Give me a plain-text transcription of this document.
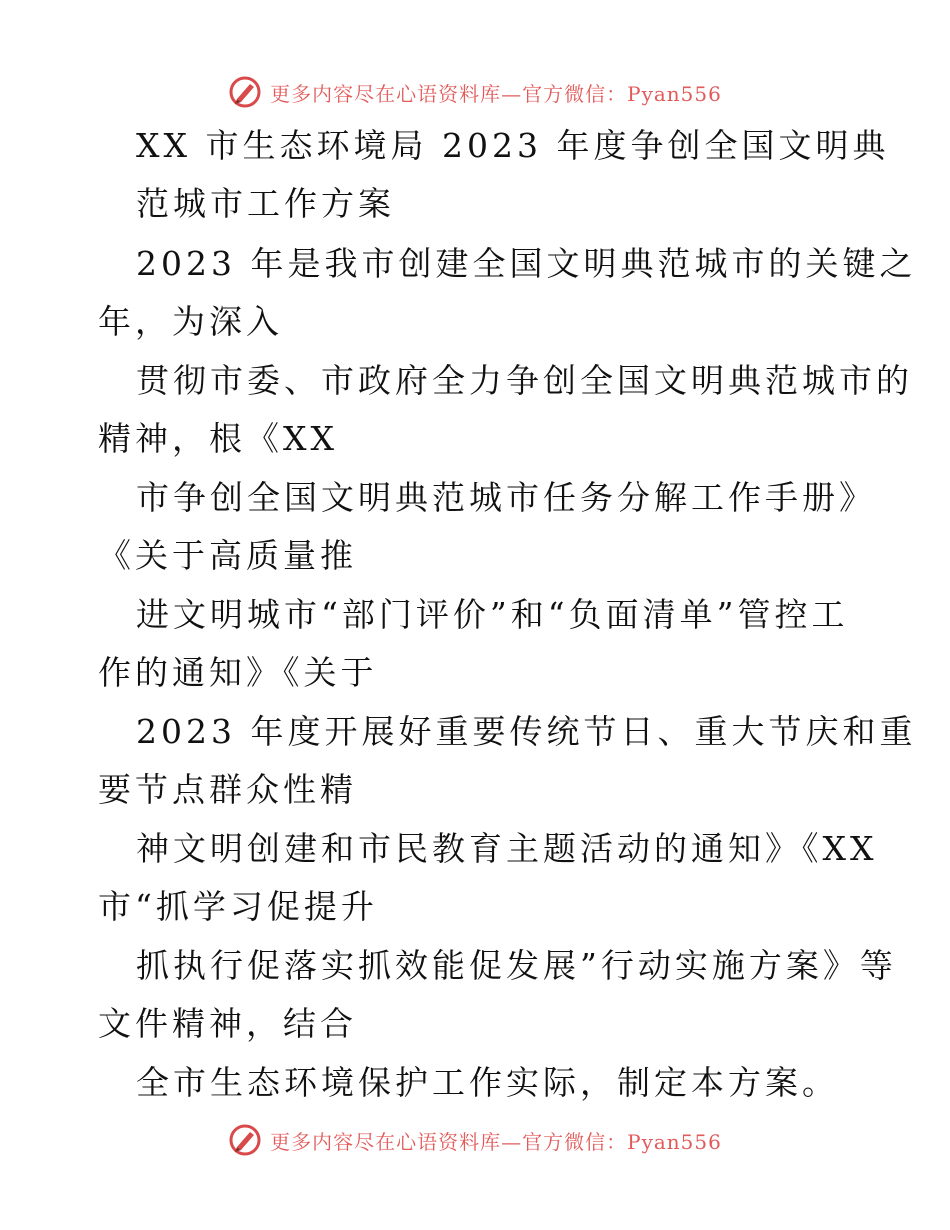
更多内容尽在心语资料库—官方微信：Pyan556
XX 市生态环境局 2023 年度争创全国文明典
范城市工作方案
2023 年是我市创建全国文明典范城市的关键之
年，为深入
贯彻市委、市政府全力争创全国文明典范城市的
精神，根《XX
市争创全国文明典范城市任务分解工作手册》
《关于高质量推
进文明城市“部门评价”和“负面清单”管控工
作的通知》《关于
2023 年度开展好重要传统节日、重大节庆和重
要节点群众性精
神文明创建和市民教育主题活动的通知》《XX
市“抓学习促提升
抓执行促落实抓效能促发展”行动实施方案》等
文件精神，结合
全市生态环境保护工作实际，制定本方案。
更多内容尽在心语资料库—官方微信：Pyan556
